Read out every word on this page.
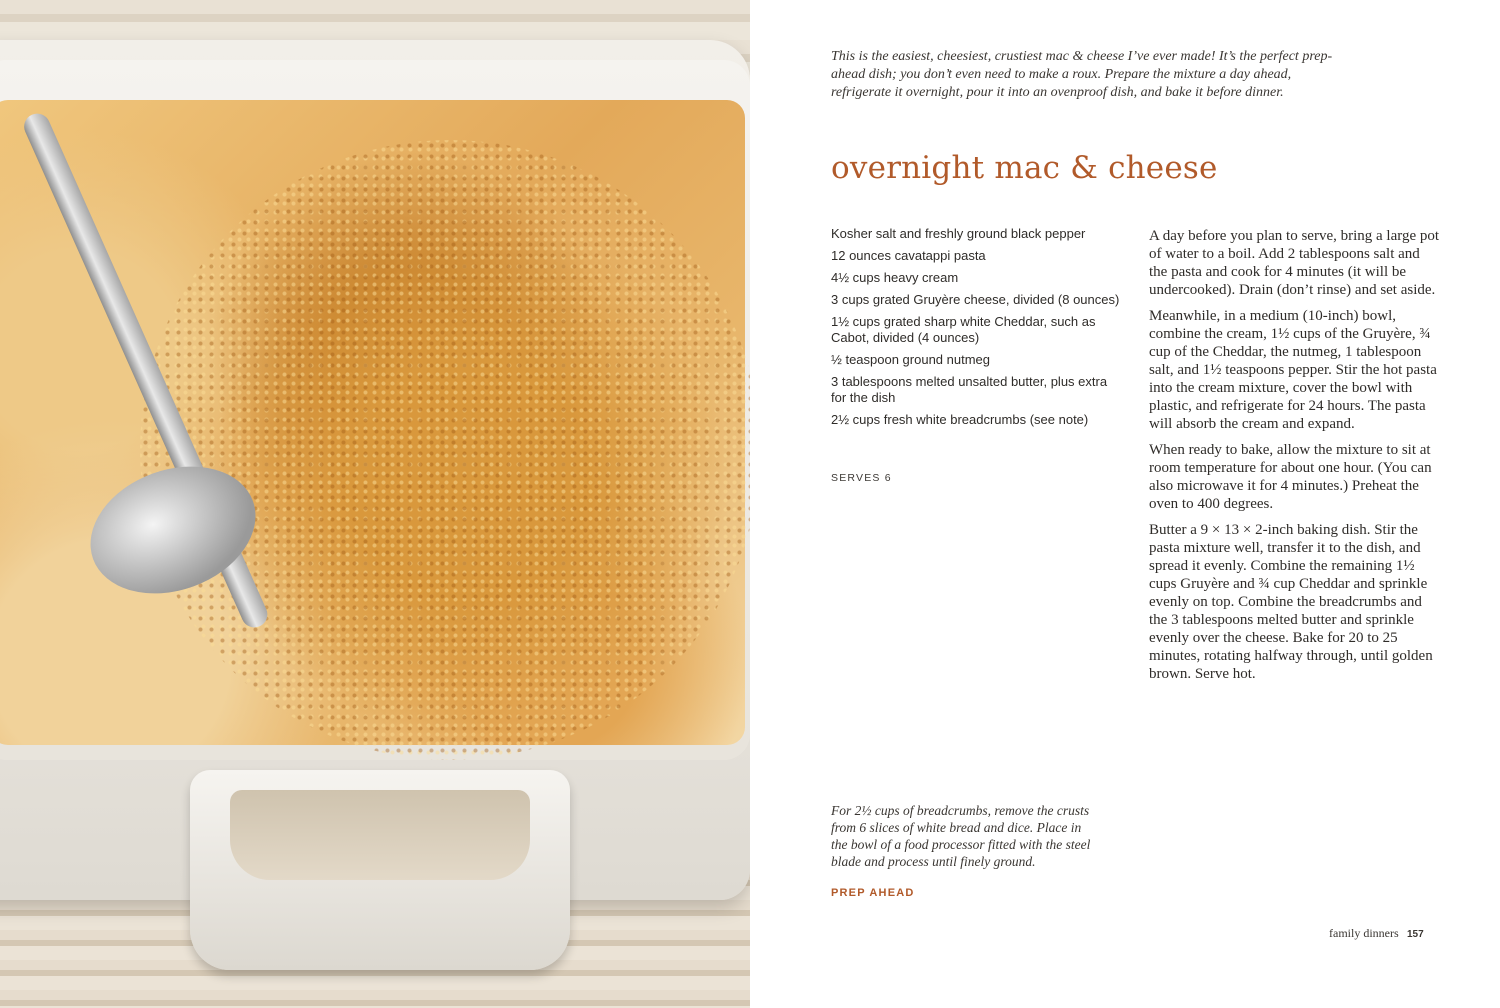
This is the easiest, cheesiest, crustiest mac & cheese I’ve ever made! It’s the perfect prep-ahead dish; you don’t even need to make a roux. Prepare the mixture a day ahead, refrigerate it overnight, pour it into an ovenproof dish, and bake it before dinner.
overnight mac & cheese
Kosher salt and freshly ground black pepper
12 ounces cavatappi pasta
4½ cups heavy cream
3 cups grated Gruyère cheese, divided (8 ounces)
1½ cups grated sharp white Cheddar, such as Cabot, divided (4 ounces)
½ teaspoon ground nutmeg
3 tablespoons melted unsalted butter, plus extra for the dish
2½ cups fresh white breadcrumbs (see note)
SERVES 6

A day before you plan to serve, bring a large pot of water to a boil. Add 2 tablespoons salt and the pasta and cook for 4 minutes (it will be undercooked). Drain (don’t rinse) and set aside.

Meanwhile, in a medium (10-inch) bowl, combine the cream, 1½ cups of the Gruyère, ¾ cup of the Cheddar, the nutmeg, 1 tablespoon salt, and 1½ teaspoons pepper. Stir the hot pasta into the cream mixture, cover the bowl with plastic, and refrigerate for 24 hours. The pasta will absorb the cream and expand.

When ready to bake, allow the mixture to sit at room temperature for about one hour. (You can also microwave it for 4 minutes.) Preheat the oven to 400 degrees.

Butter a 9 × 13 × 2-inch baking dish. Stir the pasta mixture well, transfer it to the dish, and spread it evenly. Combine the remaining 1½ cups Gruyère and ¾ cup Cheddar and sprinkle evenly on top. Combine the breadcrumbs and the 3 tablespoons melted butter and sprinkle evenly over the cheese. Bake for 20 to 25 minutes, rotating halfway through, until golden brown. Serve hot.

For 2½ cups of breadcrumbs, remove the crusts from 6 slices of white bread and dice. Place in the bowl of a food processor fitted with the steel blade and process until finely ground.
PREP AHEAD
family dinners 157
